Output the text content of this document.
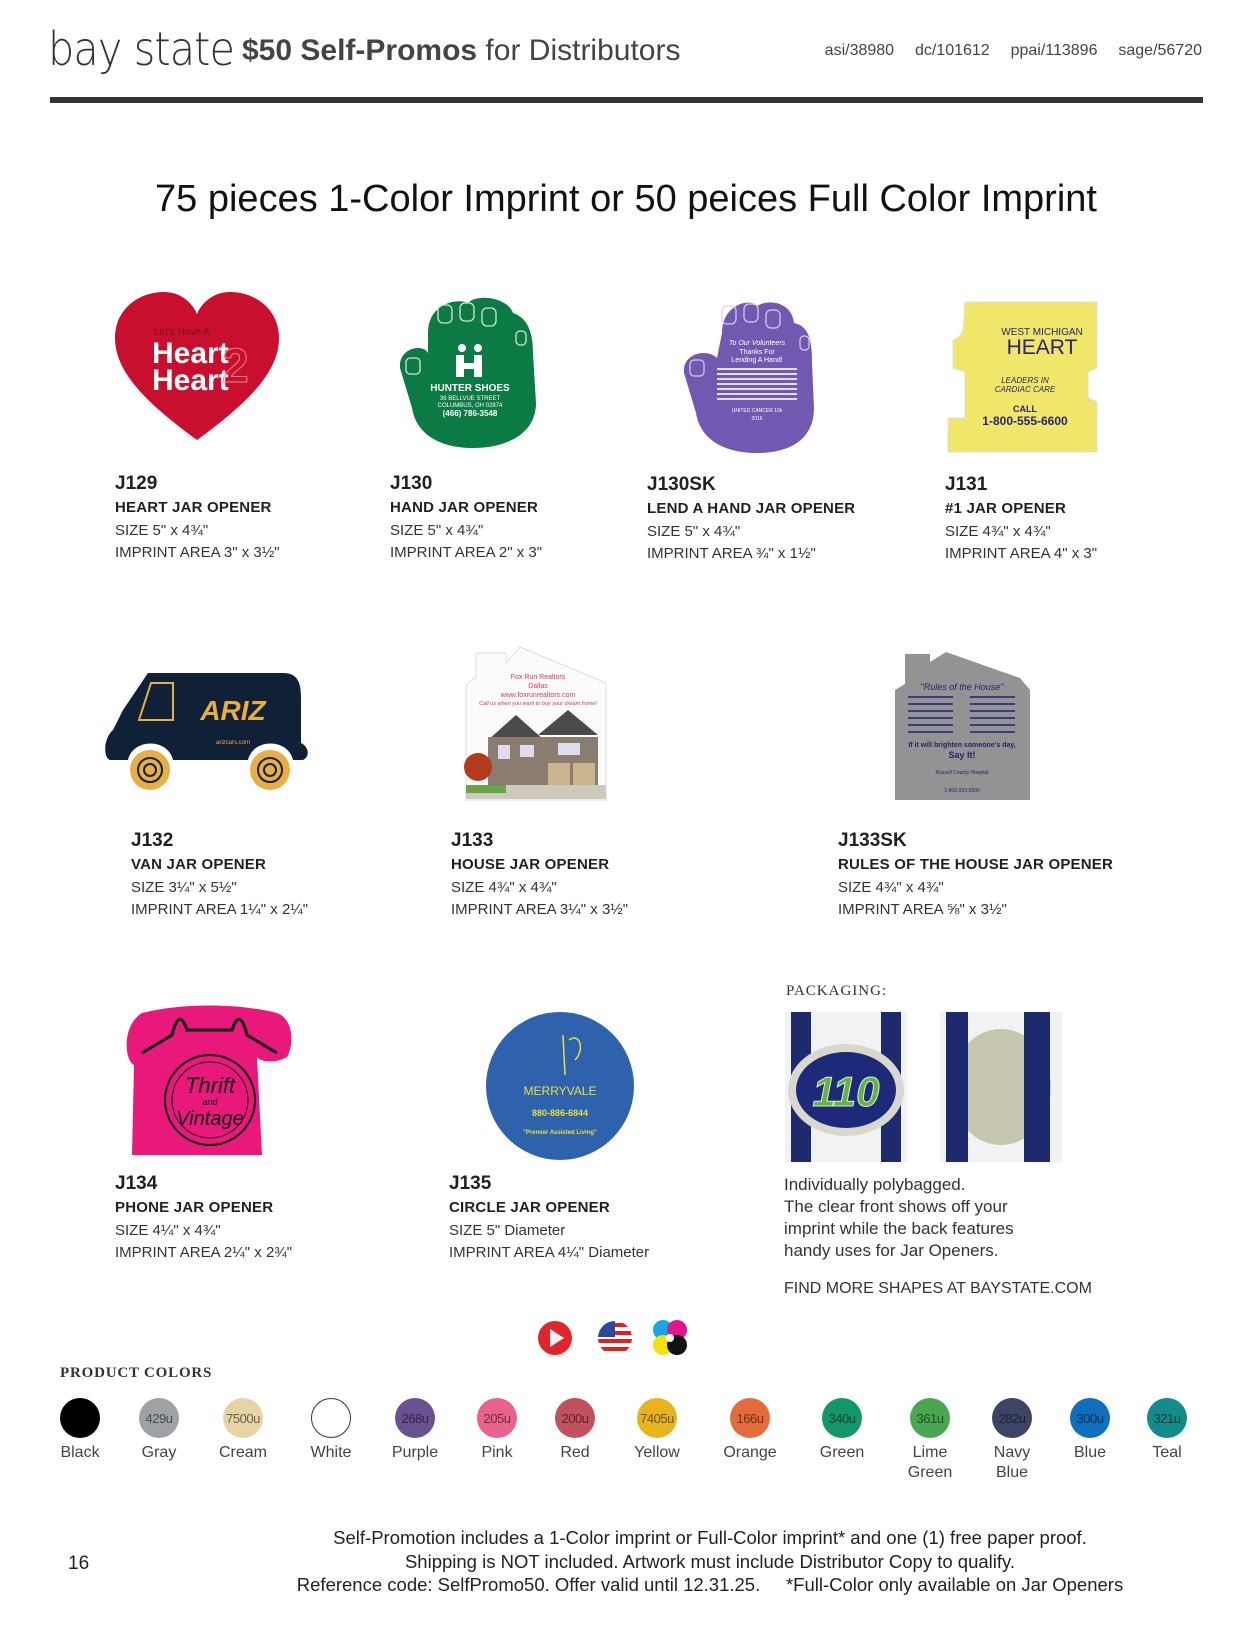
bay state $50 Self-Promos for Distributors	asi/38980  dc/101612  ppai/113896  sage/56720
75 pieces 1-Color Imprint or 50 peices Full Color Imprint
Let's Have A
Heart
Heart
2	HUNTER SHOES
36 BELLVUE STREET
COLUMBUS, OH 02874
(466) 786-3548
To Our Volunteers
Thanks For
Lending A Hand!
UNITED CANCER 10k
2016
WEST MICHIGAN
HEART
LEADERS IN
CARDIAC CARE
CALL
1-800-555-6600
ARIZ
arizcars.com
Fox Run Realtors
Dallas
www.foxrunrealtors.com
Call us when you want to buy your dream home!
"Rules of the House"
If it will brighten someone's day,
Say It!
Russell County Hospital
1-800-333-5500
Thrift
and
Vintage
MERRYVALE
880-886-6844
"Premier Assisted Living"
J129
HEART JAR OPENER
SIZE 5" x 4¾"
IMPRINT AREA 3" x 3½"
J130
HAND JAR OPENER
SIZE 5" x 4¾"
IMPRINT AREA 2" x 3"
J130SK
LEND A HAND JAR OPENER
SIZE 5" x 4¾"
IMPRINT AREA ¾" x 1½"
J131
#1 JAR OPENER
SIZE 4¾" x 4¾"
IMPRINT AREA 4" x 3"
J132
VAN JAR OPENER
SIZE 3¼" x 5½"
IMPRINT AREA 1¼" x 2¼"
J133
HOUSE JAR OPENER
SIZE 4¾" x 4¾"
IMPRINT AREA 3¼" x 3½"
J133SK
RULES OF THE HOUSE JAR OPENER
SIZE 4¾" x 4¾"
IMPRINT AREA ⅝" x 3½"
J134
PHONE JAR OPENER
SIZE 4¼" x 4¾"
IMPRINT AREA 2¼" x 2¾"
J135
CIRCLE JAR OPENER
SIZE 5" Diameter
IMPRINT AREA 4¼" Diameter
PACKAGING:
110
Individually polybagged.
The clear front shows off your
imprint while the back features
handy uses for Jar Openers.
FIND MORE SHAPES AT BAYSTATE.COM
PRODUCT COLORS
Black
429u
Gray
7500u
Cream	White
268u
Purple
205u
Pink
200u
Red
7405u
Yellow
166u
Orange
340u
Green
361u
Lime Green
282u
Navy Blue
300u
Blue
321u
Teal
Self-Promotion includes a 1-Color imprint or Full-Color imprint* and one (1) free paper proof.
Shipping is NOT included. Artwork must include Distributor Copy to qualify.
Reference code: SelfPromo50. Offer valid until 12.31.25.     *Full-Color only available on Jar Openers
16
